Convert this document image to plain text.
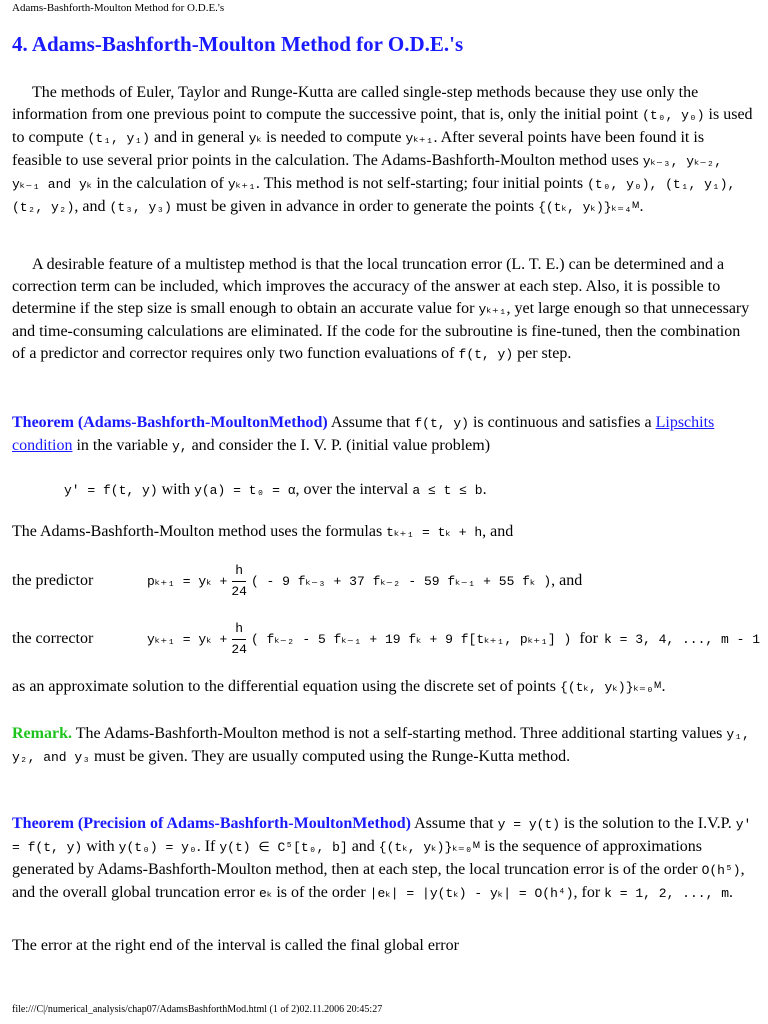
Adams-Bashforth-Moulton Method for O.D.E.'s
4. Adams-Bashforth-Moulton Method for O.D.E.'s

The methods of Euler, Taylor and Runge-Kutta are called single-step methods because they use only the information from one previous point to compute the successive point, that is, only the initial point (t₀, y₀) is used to compute (t₁, y₁) and in general yₖ is needed to compute yₖ₊₁. After several points have been found it is feasible to use several prior points in the calculation. The Adams-Bashforth-Moulton method uses yₖ₋₃, yₖ₋₂, yₖ₋₁ and yₖ in the calculation of yₖ₊₁. This method is not self-starting; four initial points (t₀, y₀), (t₁, y₁), (t₂, y₂), and (t₃, y₃) must be given in advance in order to generate the points {(tₖ, yₖ)}ₖ₌₄ᴹ.

A desirable feature of a multistep method is that the local truncation error (L. T. E.) can be determined and a correction term can be included, which improves the accuracy of the answer at each step. Also, it is possible to determine if the step size is small enough to obtain an accurate value for yₖ₊₁, yet large enough so that unnecessary and time-consuming calculations are eliminated. If the code for the subroutine is fine-tuned, then the combination of a predictor and corrector requires only two function evaluations of f(t, y) per step.

Theorem (Adams-Bashforth-MoultonMethod) Assume that f(t, y) is continuous and satisfies a Lipschits condition in the variable y, and consider the I. V. P. (initial value problem)

y' = f(t, y) with y(a) = t₀ = α, over the interval a ≤ t ≤ b.
The Adams-Bashforth-Moulton method uses the formulas tₖ₊₁ = tₖ + h, and
the predictor	$p_{k+1} = y_k + \frac{h}{24}$ ( - 9 fₖ₋₃ + 37 fₖ₋₂ - 59 fₖ₋₁ + 55 fₖ ) , and
the corrector	$y_{k+1} = y_k + \frac{h}{24}$ ( fₖ₋₂ - 5 fₖ₋₁ + 19 fₖ + 9 f[tₖ₊₁, pₖ₊₁] ) for k = 3, 4, ..., m - 1
as an approximate solution to the differential equation using the discrete set of points {(tₖ, yₖ)}ₖ₌₀ᴹ.

Remark. The Adams-Bashforth-Moulton method is not a self-starting method. Three additional starting values y₁, y₂, and y₃ must be given. They are usually computed using the Runge-Kutta method.

Theorem (Precision of Adams-Bashforth-MoultonMethod) Assume that y = y(t) is the solution to the I.V.P. y' = f(t, y) with y(t₀) = y₀. If y(t) ∈ C⁵[t₀, b] and {(tₖ, yₖ)}ₖ₌₀ᴹ is the sequence of approximations generated by Adams-Bashforth-Moulton method, then at each step, the local truncation error is of the order O(h⁵), and the overall global truncation error eₖ is of the order |eₖ| = |y(tₖ) - yₖ| = O(h⁴), for k = 1, 2, ..., m.

The error at the right end of the interval is called the final global error
file:///C|/numerical_analysis/chap07/AdamsBashforthMod.html (1 of 2)02.11.2006 20:45:27
